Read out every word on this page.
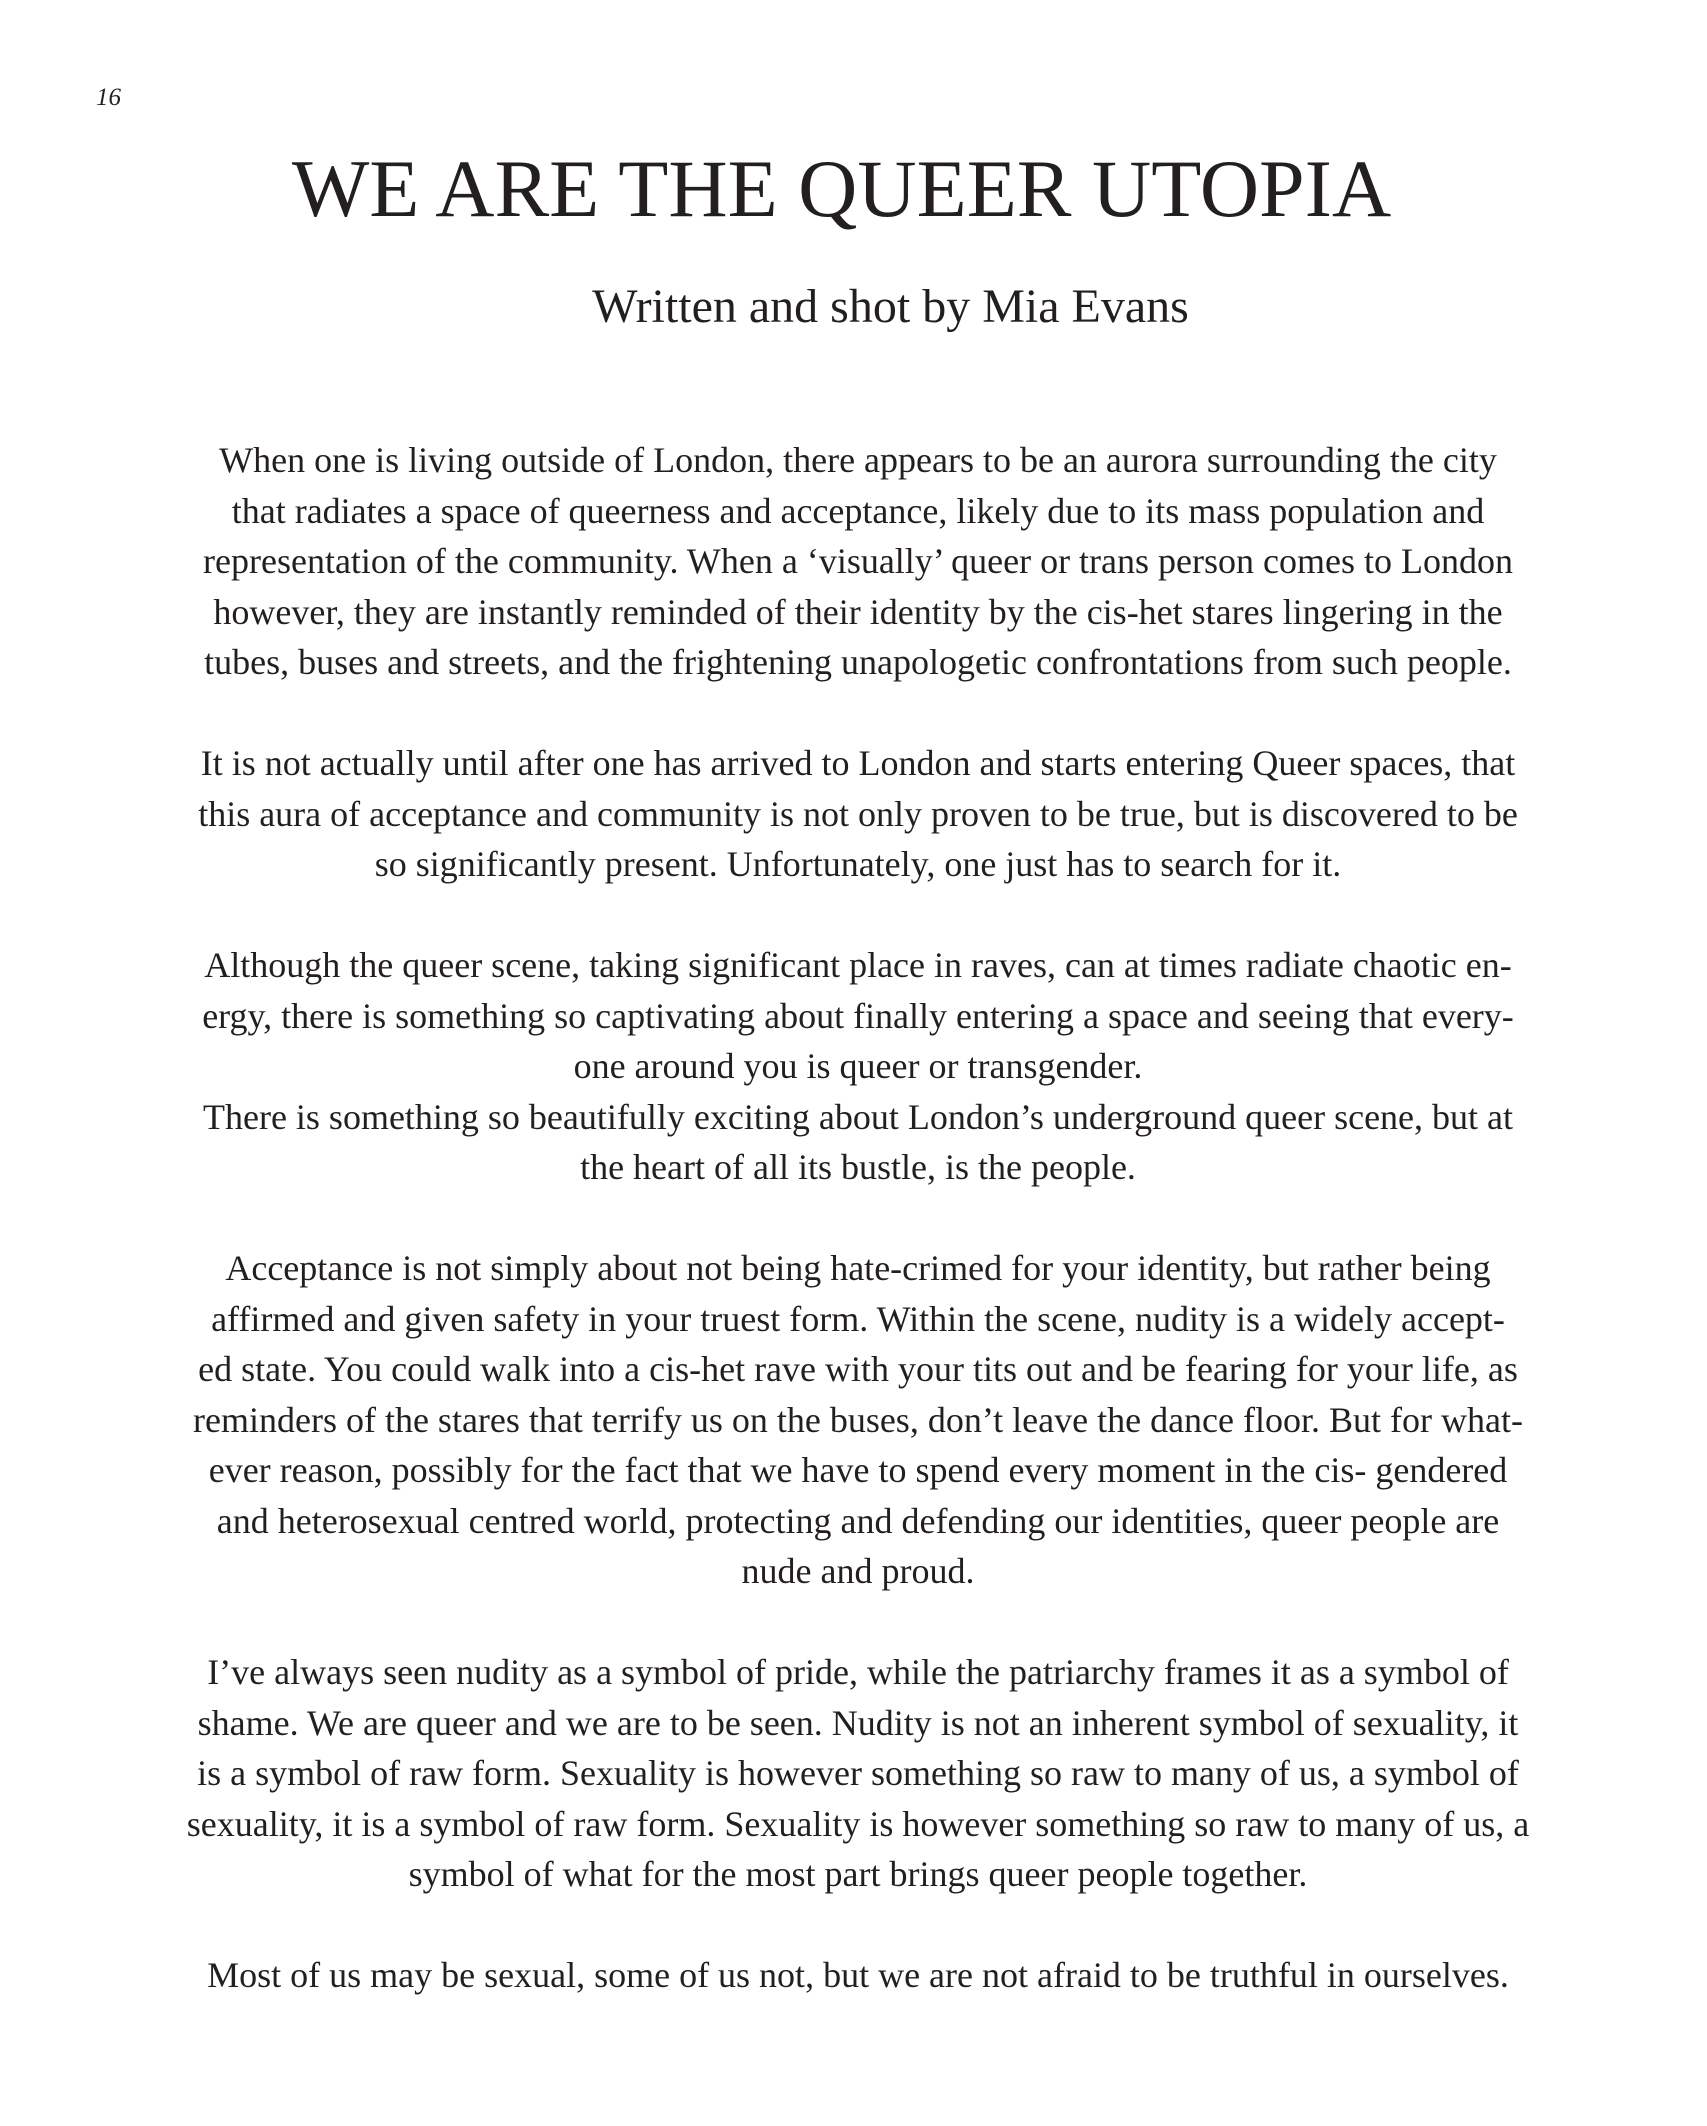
16
WE ARE THE QUEER UTOPIA
Written and shot by Mia Evans

When one is living outside of London, there appears to be an aurora surrounding the city
that radiates a space of queerness and acceptance, likely due to its mass population and
representation of the community. When a ‘visually’ queer or trans person comes to London
however, they are instantly reminded of their identity by the cis-het stares lingering in the
tubes, buses and streets, and the frightening unapologetic confrontations from such people.

It is not actually until after one has arrived to London and starts entering Queer spaces, that
this aura of acceptance and community is not only proven to be true, but is discovered to be
so significantly present. Unfortunately, one just has to search for it.

Although the queer scene, taking significant place in raves, can at times radiate chaotic en-
ergy, there is something so captivating about finally entering a space and seeing that every-
one around you is queer or transgender.

There is something so beautifully exciting about London’s underground queer scene, but at
the heart of all its bustle, is the people.

Acceptance is not simply about not being hate-crimed for your identity, but rather being
affirmed and given safety in your truest form. Within the scene, nudity is a widely accept-
ed state. You could walk into a cis-het rave with your tits out and be fearing for your life, as
reminders of the stares that terrify us on the buses, don’t leave the dance floor. But for what-
ever reason, possibly for the fact that we have to spend every moment in the cis- gendered
and heterosexual centred world, protecting and defending our identities, queer people are
nude and proud.

I’ve always seen nudity as a symbol of pride, while the patriarchy frames it as a symbol of
shame. We are queer and we are to be seen. Nudity is not an inherent symbol of sexuality, it
is a symbol of raw form. Sexuality is however something so raw to many of us, a symbol of
sexuality, it is a symbol of raw form. Sexuality is however something so raw to many of us, a
symbol of what for the most part brings queer people together.

Most of us may be sexual, some of us not, but we are not afraid to be truthful in ourselves.
